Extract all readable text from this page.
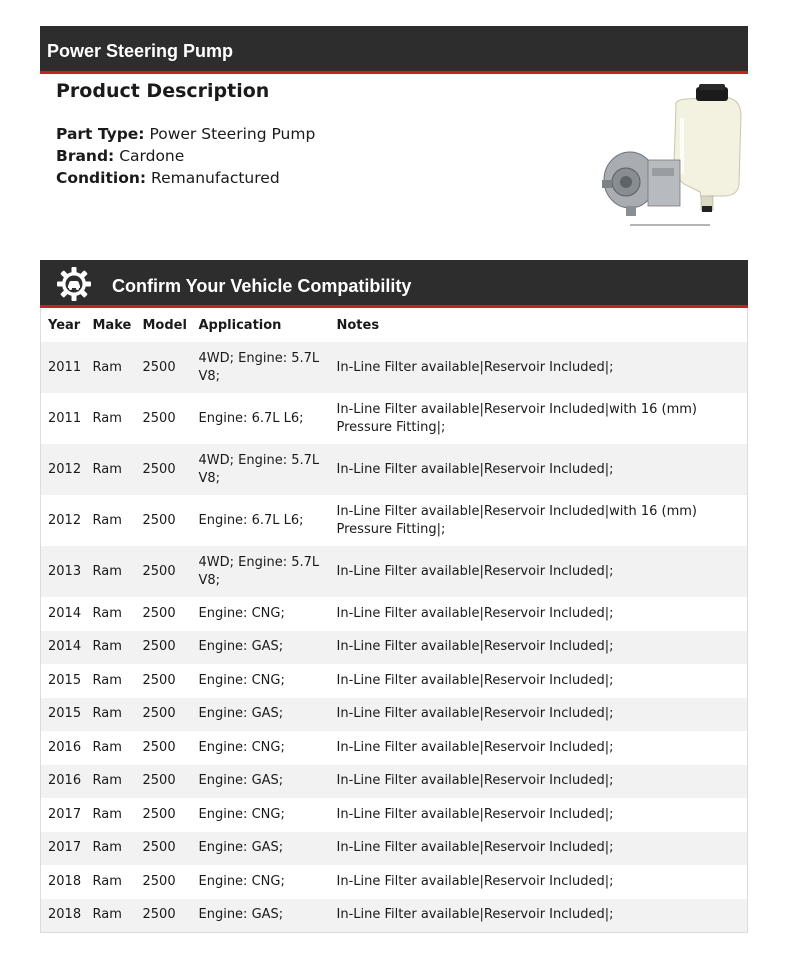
Power Steering Pump
Product Description
Part Type: Power Steering Pump
Brand: Cardone
Condition: Remanufactured
Confirm Your Vehicle Compatibility
Year	Make	Model	Application	Notes
2011	Ram	2500	4WD; Engine: 5.7L V8;	In-Line Filter available|Reservoir Included|;
2011	Ram	2500	Engine: 6.7L L6;	In-Line Filter available|Reservoir Included|with 16 (mm) Pressure Fitting|;
2012	Ram	2500	4WD; Engine: 5.7L V8;	In-Line Filter available|Reservoir Included|;
2012	Ram	2500	Engine: 6.7L L6;	In-Line Filter available|Reservoir Included|with 16 (mm) Pressure Fitting|;
2013	Ram	2500	4WD; Engine: 5.7L V8;	In-Line Filter available|Reservoir Included|;
2014	Ram	2500	Engine: CNG;	In-Line Filter available|Reservoir Included|;
2014	Ram	2500	Engine: GAS;	In-Line Filter available|Reservoir Included|;
2015	Ram	2500	Engine: CNG;	In-Line Filter available|Reservoir Included|;
2015	Ram	2500	Engine: GAS;	In-Line Filter available|Reservoir Included|;
2016	Ram	2500	Engine: CNG;	In-Line Filter available|Reservoir Included|;
2016	Ram	2500	Engine: GAS;	In-Line Filter available|Reservoir Included|;
2017	Ram	2500	Engine: CNG;	In-Line Filter available|Reservoir Included|;
2017	Ram	2500	Engine: GAS;	In-Line Filter available|Reservoir Included|;
2018	Ram	2500	Engine: CNG;	In-Line Filter available|Reservoir Included|;
2018	Ram	2500	Engine: GAS;	In-Line Filter available|Reservoir Included|;
